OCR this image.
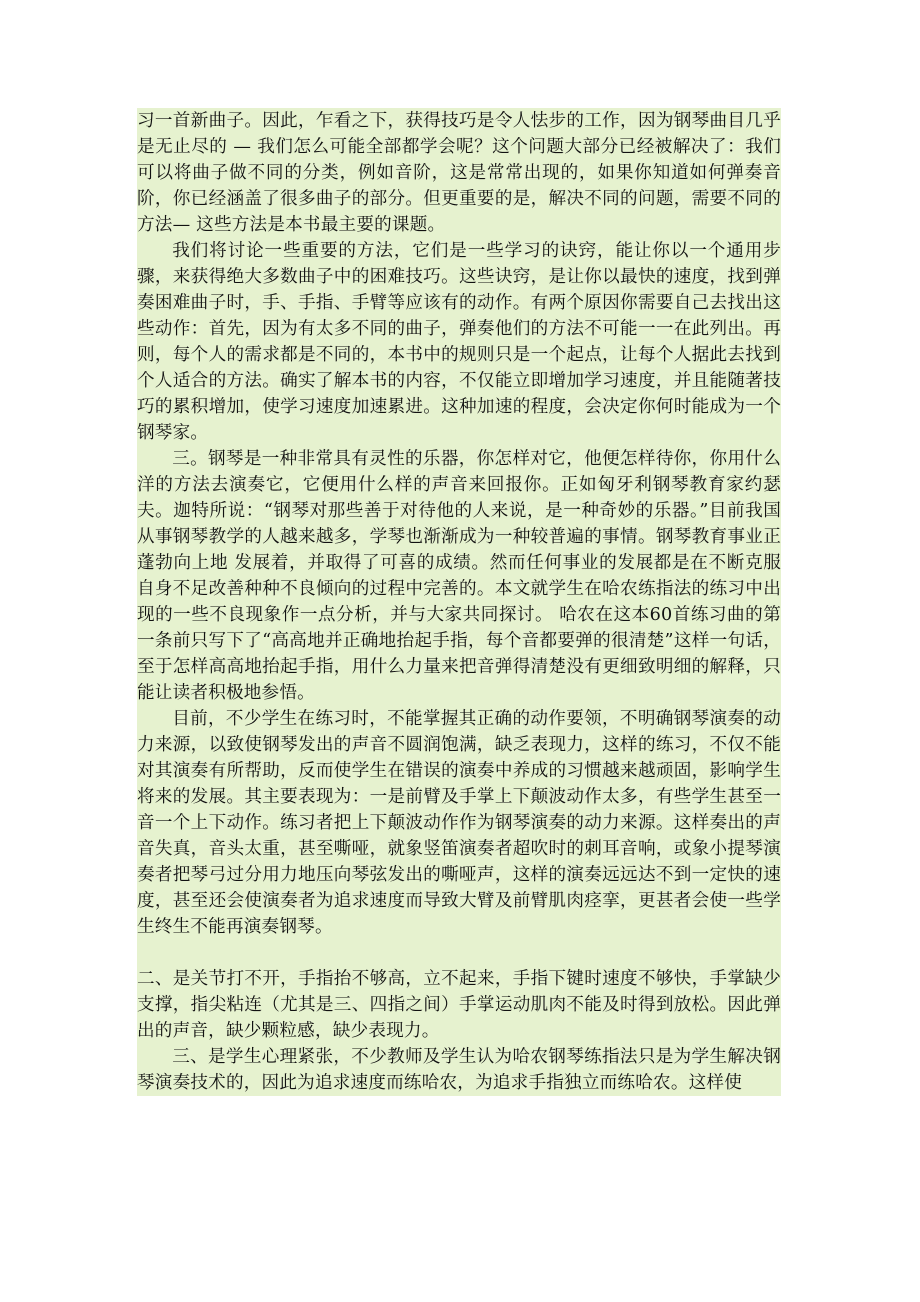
习一首新曲子。因此，乍看之下，获得技巧是令人怯步的工作，因为钢琴曲目几乎是无止尽的 — 我们怎么可能全部都学会呢？这个问题大部分已经被解决了：我们可以将曲子做不同的分类，例如音阶，这是常常出现的，如果你知道如何弹奏音阶，你已经涵盖了很多曲子的部分。但更重要的是，解决不同的问题，需要不同的方法— 这些方法是本书最主要的课题。

我们将讨论一些重要的方法，它们是一些学习的诀窍，能让你以一个通用步骤，来获得绝大多数曲子中的困难技巧。这些诀窍，是让你以最快的速度，找到弹奏困难曲子时，手、手指、手臂等应该有的动作。有两个原因你需要自己去找出这些动作：首先，因为有太多不同的曲子，弹奏他们的方法不可能一一在此列出。再则，每个人的需求都是不同的，本书中的规则只是一个起点，让每个人据此去找到个人适合的方法。确实了解本书的内容，不仅能立即增加学习速度，并且能随著技巧的累积增加，使学习速度加速累进。这种加速的程度，会决定你何时能成为一个钢琴家。

三。钢琴是一种非常具有灵性的乐器，你怎样对它，他便怎样待你，你用什么洋的方法去演奏它，它便用什么样的声音来回报你。正如匈牙利钢琴教育家约瑟夫。迦特所说：“钢琴对那些善于对待他的人来说，是一种奇妙的乐器。”目前我国从事钢琴教学的人越来越多，学琴也渐渐成为一种较普遍的事情。钢琴教育事业正蓬勃向上地 发展着，并取得了可喜的成绩。然而任何事业的发展都是在不断克服自身不足改善种种不良倾向的过程中完善的。本文就学生在哈农练指法的练习中出现的一些不良现象作一点分析，并与大家共同探讨。 哈农在这本60首练习曲的第一条前只写下了“高高地并正确地抬起手指，每个音都要弹的很清楚”这样一句话，至于怎样高高地抬起手指，用什么力量来把音弹得清楚没有更细致明细的解释，只能让读者积极地参悟。

目前，不少学生在练习时，不能掌握其正确的动作要领，不明确钢琴演奏的动力来源，以致使钢琴发出的声音不圆润饱满，缺乏表现力，这样的练习，不仅不能对其演奏有所帮助，反而使学生在错误的演奏中养成的习惯越来越顽固，影响学生将来的发展。其主要表现为：一是前臂及手掌上下颠波动作太多，有些学生甚至一音一个上下动作。练习者把上下颠波动作作为钢琴演奏的动力来源。这样奏出的声音失真，音头太重，甚至嘶哑，就象竖笛演奏者超吹时的刺耳音响，或象小提琴演奏者把琴弓过分用力地压向琴弦发出的嘶哑声，这样的演奏远远达不到一定快的速度，甚至还会使演奏者为追求速度而导致大臂及前臂肌肉痉挛，更甚者会使一些学生终生不能再演奏钢琴。

二、是关节打不开，手指抬不够高，立不起来，手指下键时速度不够快，手掌缺少支撑，指尖粘连（尤其是三、四指之间）手掌运动肌肉不能及时得到放松。因此弹出的声音，缺少颗粒感，缺少表现力。

三、是学生心理紧张，不少教师及学生认为哈农钢琴练指法只是为学生解决钢琴演奏技术的，因此为追求速度而练哈农，为追求手指独立而练哈农。这样使
